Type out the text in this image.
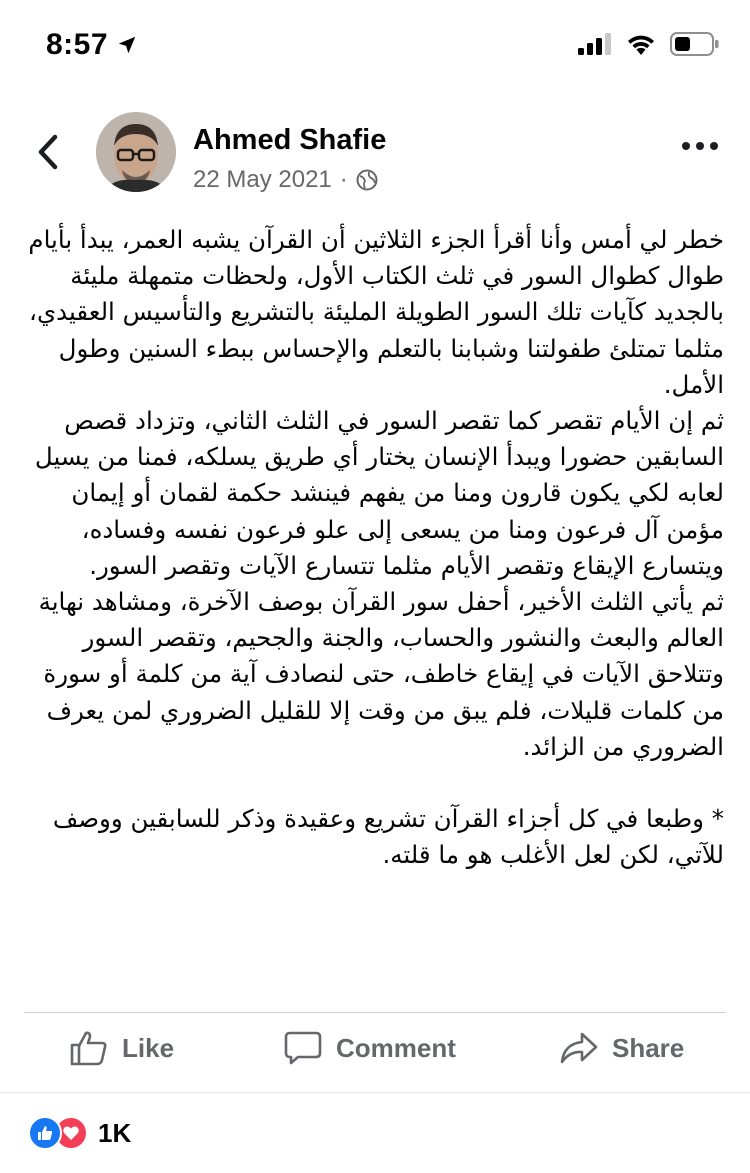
8:57
Ahmed Shafie
22 May 2021 ·

خطر لي أمس وأنا أقرأ الجزء الثلاثين أن القرآن يشبه العمر، يبدأ بأيام طوال كطوال السور في ثلث الكتاب الأول، ولحظات متمهلة مليئة بالجديد كآيات تلك السور الطويلة المليئة بالتشريع والتأسيس العقيدي، مثلما تمتلئ طفولتنا وشبابنا بالتعلم والإحساس ببطء السنين وطول الأمل.

ثم إن الأيام تقصر كما تقصر السور في الثلث الثاني، وتزداد قصص السابقين حضورا ويبدأ الإنسان يختار أي طريق يسلكه، فمنا من يسيل لعابه لكي يكون قارون ومنا من يفهم فينشد حكمة لقمان أو إيمان مؤمن آل فرعون ومنا من يسعى إلى علو فرعون نفسه وفساده، ويتسارع الإيقاع وتقصر الأيام مثلما تتسارع الآيات وتقصر السور.

ثم يأتي الثلث الأخير، أحفل سور القرآن بوصف الآخرة، ومشاهد نهاية العالم والبعث والنشور والحساب، والجنة والجحيم، وتقصر السور وتتلاحق الآيات في إيقاع خاطف، حتى لنصادف آية من كلمة أو سورة من كلمات قليلات، فلم يبق من وقت إلا للقليل الضروري لمن يعرف الضروري من الزائد.

* وطبعا في كل أجزاء القرآن تشريع وعقيدة وذكر للسابقين ووصف للآتي، لكن لعل الأغلب هو ما قلته.

Like	Comment	Share
1K
